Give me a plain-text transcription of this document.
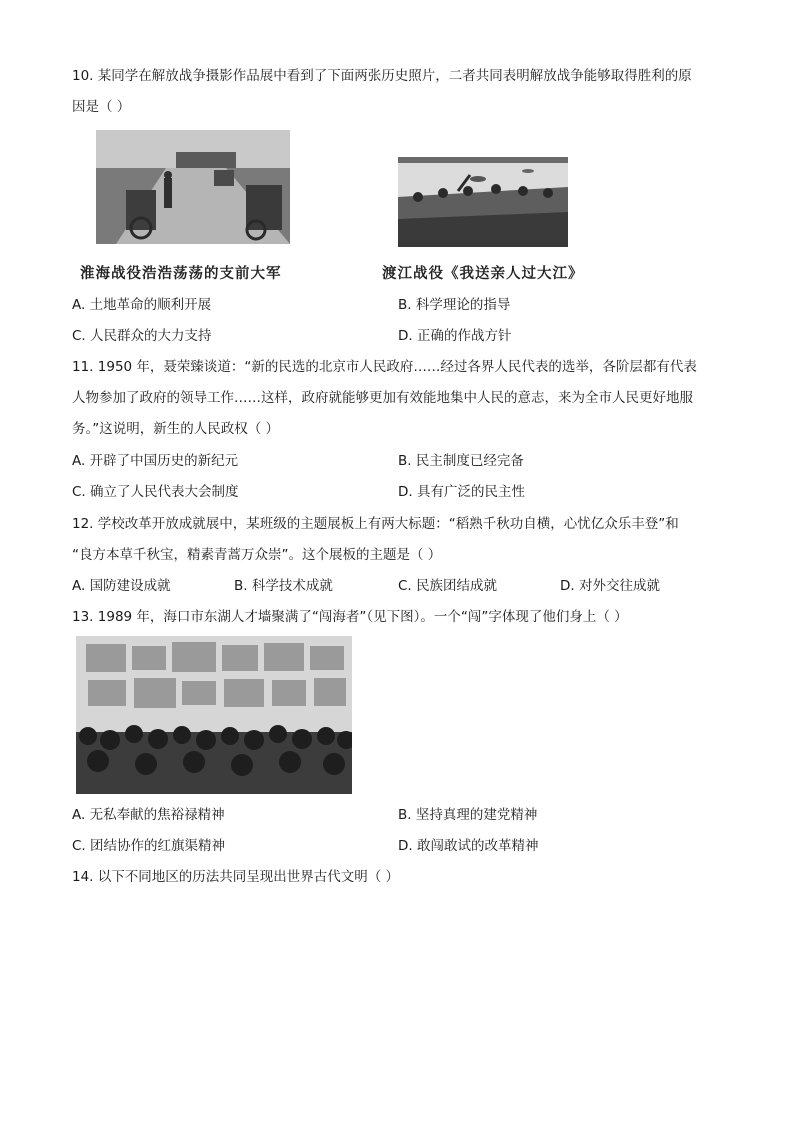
10. 某同学在解放战争摄影作品展中看到了下面两张历史照片，二者共同表明解放战争能够取得胜利的原
因是（ ）
淮海战役浩浩荡荡的支前大军	渡江战役《我送亲人过大江》
A. 土地革命的顺利开展	B. 科学理论的指导
C. 人民群众的大力支持	D. 正确的作战方针
11. 1950 年，聂荣臻谈道：“新的民选的北京市人民政府……经过各界人民代表的选举，各阶层都有代表
人物参加了政府的领导工作……这样，政府就能够更加有效能地集中人民的意志，来为全市人民更好地服
务。”这说明，新生的人民政权（ ）
A. 开辟了中国历史的新纪元	B. 民主制度已经完备
C. 确立了人民代表大会制度	D. 具有广泛的民主性
12. 学校改革开放成就展中，某班级的主题展板上有两大标题：“稻熟千秋功自横，心忧亿众乐丰登”和
“良方本草千秋宝，精素青蒿万众崇”。这个展板的主题是（ ）
A. 国防建设成就	B. 科学技术成就	C. 民族团结成就	D. 对外交往成就
13. 1989 年，海口市东湖人才墙聚满了“闯海者”（见下图）。一个“闯”字体现了他们身上（ ）
A. 无私奉献的焦裕禄精神	B. 坚持真理的建党精神
C. 团结协作的红旗渠精神	D. 敢闯敢试的改革精神
14. 以下不同地区的历法共同呈现出世界古代文明（ ）
